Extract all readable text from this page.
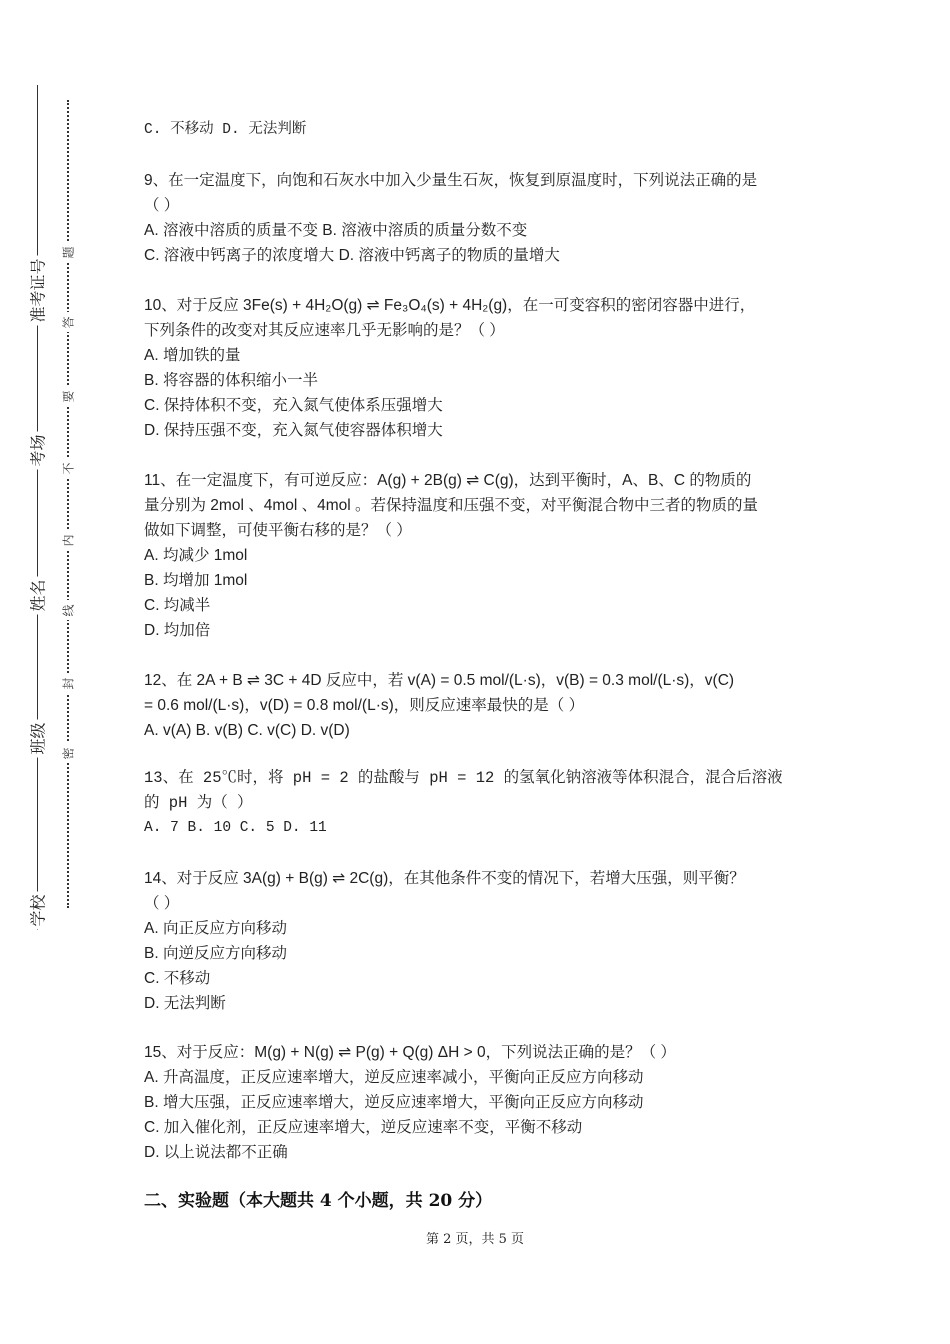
准考证号
考场
姓名
班级
学校
题
答
要
不
内
线
封
密
C. 不移动 D. 无法判断
9、在一定温度下，向饱和石灰水中加入少量生石灰，恢复到原温度时，下列说法正确的是
（ ）
A. 溶液中溶质的质量不变 B. 溶液中溶质的质量分数不变
C. 溶液中钙离子的浓度增大 D. 溶液中钙离子的物质的量增大
10、对于反应 3Fe(s) + 4H₂O(g) ⇌ Fe₃O₄(s) + 4H₂(g)，在一可变容积的密闭容器中进行，
下列条件的改变对其反应速率几乎无影响的是？（ ）
A. 增加铁的量
B. 将容器的体积缩小一半
C. 保持体积不变，充入氮气使体系压强增大
D. 保持压强不变，充入氮气使容器体积增大
11、在一定温度下，有可逆反应：A(g) + 2B(g) ⇌ C(g)，达到平衡时，A、B、C 的物质的
量分别为 2mol 、4mol 、4mol 。若保持温度和压强不变，对平衡混合物中三者的物质的量
做如下调整，可使平衡右移的是？（ ）
A. 均减少 1mol
B. 均增加 1mol
C. 均减半
D. 均加倍
12、在 2A + B ⇌ 3C + 4D 反应中，若 v(A) = 0.5 mol/(L·s)，v(B) = 0.3 mol/(L·s)，v(C)
= 0.6 mol/(L·s)，v(D) = 0.8 mol/(L·s)，则反应速率最快的是（ ）
A. v(A) B. v(B) C. v(C) D. v(D)
13、在 25℃时，将 pH = 2 的盐酸与 pH = 12 的氢氧化钠溶液等体积混合，混合后溶液
的 pH 为（ ）
A. 7 B. 10 C. 5 D. 11
14、对于反应 3A(g) + B(g) ⇌ 2C(g)，在其他条件不变的情况下，若增大压强，则平衡？
（ ）
A. 向正反应方向移动
B. 向逆反应方向移动
C. 不移动
D. 无法判断
15、对于反应：M(g) + N(g) ⇌ P(g) + Q(g) ΔH > 0，下列说法正确的是？（ ）
A. 升高温度，正反应速率增大，逆反应速率减小，平衡向正反应方向移动
B. 增大压强，正反应速率增大，逆反应速率增大，平衡向正反应方向移动
C. 加入催化剂，正反应速率增大，逆反应速率不变，平衡不移动
D. 以上说法都不正确
二、实验题（本大题共 4 个小题，共 20 分）
第 2 页，共 5 页
